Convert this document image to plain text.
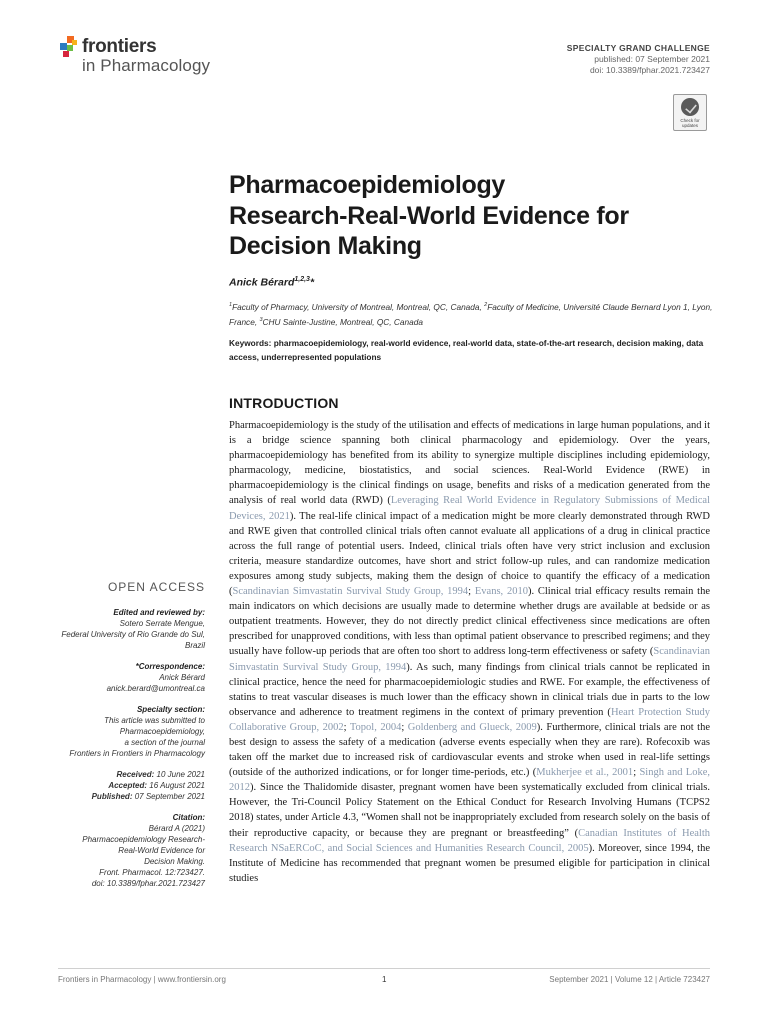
frontiers
in Pharmacology
SPECIALTY GRAND CHALLENGE
published: 07 September 2021
doi: 10.3389/fphar.2021.723427
Check for updates
Pharmacoepidemiology
Research-Real-World Evidence for
Decision Making
Anick Bérard$^{1,2,3}$*
$^1$Faculty of Pharmacy, University of Montreal, Montreal, QC, Canada, $^2$Faculty of Medicine, Université Claude Bernard Lyon 1, Lyon, France, $^3$CHU Sainte-Justine, Montreal, QC, Canada
Keywords: pharmacoepidemiology, real-world evidence, real-world data, state-of-the-art research, decision making, data access, underrepresented populations
INTRODUCTION
Pharmacoepidemiology is the study of the utilisation and effects of medications in large human populations, and it is a bridge science spanning both clinical pharmacology and epidemiology. Over the years, pharmacoepidemiology has benefited from its ability to synergize multiple disciplines including epidemiology, pharmacology, medicine, biostatistics, and social sciences. Real-World Evidence (RWE) in pharmacoepidemiology is the clinical findings on usage, benefits and risks of a medication generated from the analysis of real world data (RWD) (Leveraging Real World Evidence in Regulatory Submissions of Medical Devices, 2021). The real-life clinical impact of a medication might be more clearly demonstrated through RWD and RWE given that controlled clinical trials often cannot evaluate all applications of a drug in clinical practice across the full range of potential users. Indeed, clinical trials often have very strict inclusion and exclusion criteria, measure standardize outcomes, have short and strict follow-up rules, and can randomize medication exposures among study subjects, making them the design of choice to quantify the efficacy of a medication (Scandinavian Simvastatin Survival Study Group, 1994; Evans, 2010). Clinical trial efficacy results remain the main indicators on which decisions are usually made to determine whether drugs are available at bedside or as outpatient treatments. However, they do not directly predict clinical effectiveness since medications are often prescribed for unapproved conditions, with less than optimal patient observance to prescribed regimens; and they usually have follow-up periods that are often too short to address long-term effectiveness or safety (Scandinavian Simvastatin Survival Study Group, 1994). As such, many findings from clinical trials cannot be replicated in clinical practice, hence the need for pharmacoepidemiologic studies and RWE. For example, the effectiveness of statins to treat vascular diseases is much lower than the efficacy shown in clinical trials due in parts to the low observance and adherence to treatment regimens in the context of primary prevention (Heart Protection Study Collaborative Group, 2002; Topol, 2004; Goldenberg and Glueck, 2009). Furthermore, clinical trials are not the best design to assess the safety of a medication (adverse events especially when they are rare). Rofecoxib was taken off the market due to increased risk of cardiovascular events and stroke when used in real-life settings (outside of the authorized indications, or for longer time-periods, etc.) (Mukherjee et al., 2001; Singh and Loke, 2012). Since the Thalidomide disaster, pregnant women have been systematically excluded from clinical trials. However, the Tri-Council Policy Statement on the Ethical Conduct for Research Involving Humans (TCPS2 2018) states, under Article 4.3, “Women shall not be inappropriately excluded from research solely on the basis of their reproductive capacity, or because they are pregnant or breastfeeding” (Canadian Institutes of Health Research NSaERCoC, and Social Sciences and Humanities Research Council, 2005). Moreover, since 1994, the Institute of Medicine has recommended that pregnant women be presumed eligible for participation in clinical studies
OPEN ACCESS
Edited and reviewed by:
Sotero Serrate Mengue,
Federal University of Rio Grande do Sul, Brazil
*Correspondence:
Anick Bérard
anick.berard@umontreal.ca
Specialty section:
This article was submitted to
Pharmacoepidemiology,
a section of the journal
Frontiers in Frontiers in Pharmacology
Received: 10 June 2021
Accepted: 16 August 2021
Published: 07 September 2021
Citation:
Bérard A (2021)
Pharmacoepidemiology Research-
Real-World Evidence for
Decision Making.
Front. Pharmacol. 12:723427.
doi: 10.3389/fphar.2021.723427
Frontiers in Pharmacology | www.frontiersin.org	1	September 2021 | Volume 12 | Article 723427
